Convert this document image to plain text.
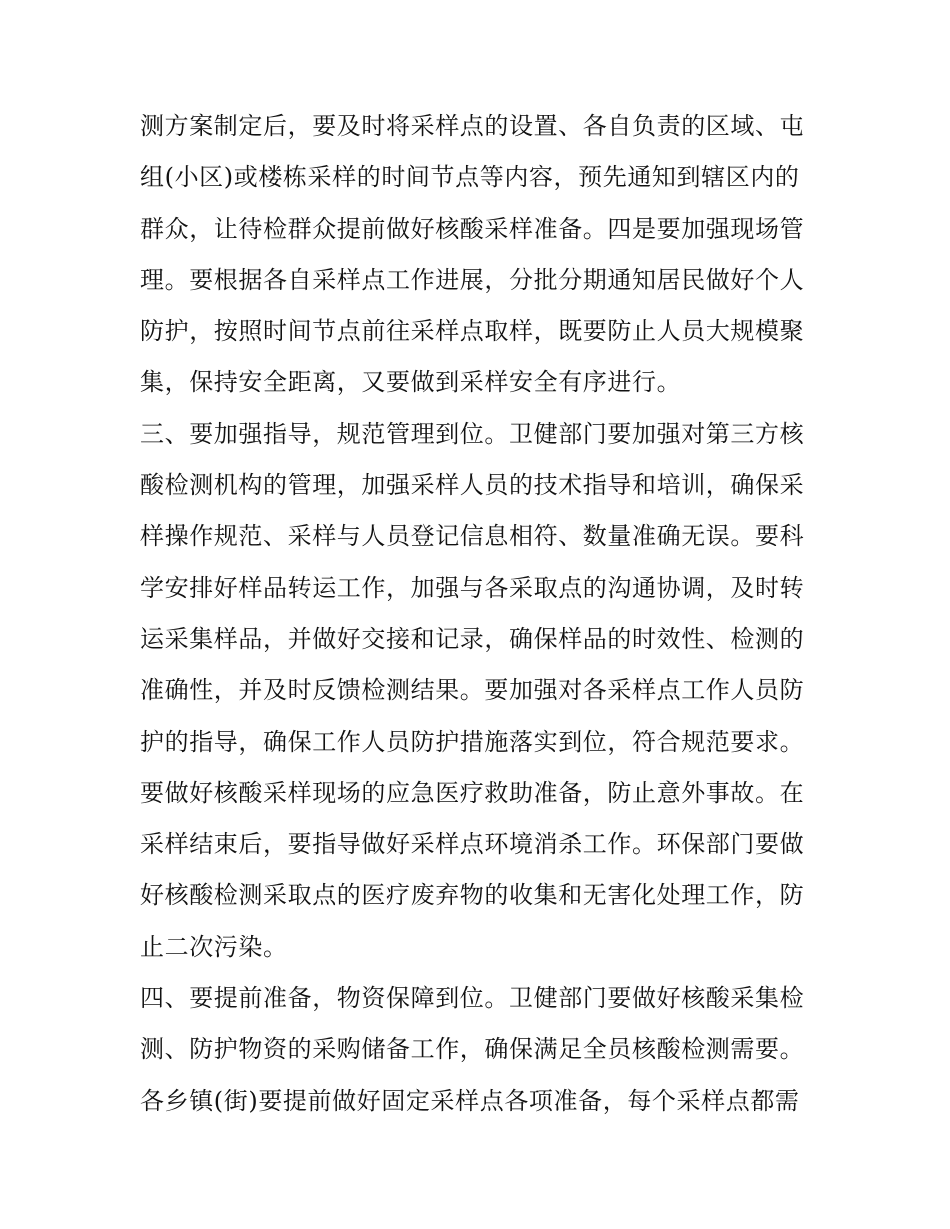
测方案制定后，要及时将采样点的设置、各自负责的区域、屯
组(小区)或楼栋采样的时间节点等内容，预先通知到辖区内的
群众，让待检群众提前做好核酸采样准备。四是要加强现场管
理。要根据各自采样点工作进展，分批分期通知居民做好个人
防护，按照时间节点前往采样点取样，既要防止人员大规模聚
集，保持安全距离，又要做到采样安全有序进行。
三、要加强指导，规范管理到位。卫健部门要加强对第三方核
酸检测机构的管理，加强采样人员的技术指导和培训，确保采
样操作规范、采样与人员登记信息相符、数量准确无误。要科
学安排好样品转运工作，加强与各采取点的沟通协调，及时转
运采集样品，并做好交接和记录，确保样品的时效性、检测的
准确性，并及时反馈检测结果。要加强对各采样点工作人员防
护的指导，确保工作人员防护措施落实到位，符合规范要求。
要做好核酸采样现场的应急医疗救助准备，防止意外事故。在
采样结束后，要指导做好采样点环境消杀工作。环保部门要做
好核酸检测采取点的医疗废弃物的收集和无害化处理工作，防
止二次污染。
四、要提前准备，物资保障到位。卫健部门要做好核酸采集检
测、防护物资的采购储备工作，确保满足全员核酸检测需要。
各乡镇(街)要提前做好固定采样点各项准备，每个采样点都需
